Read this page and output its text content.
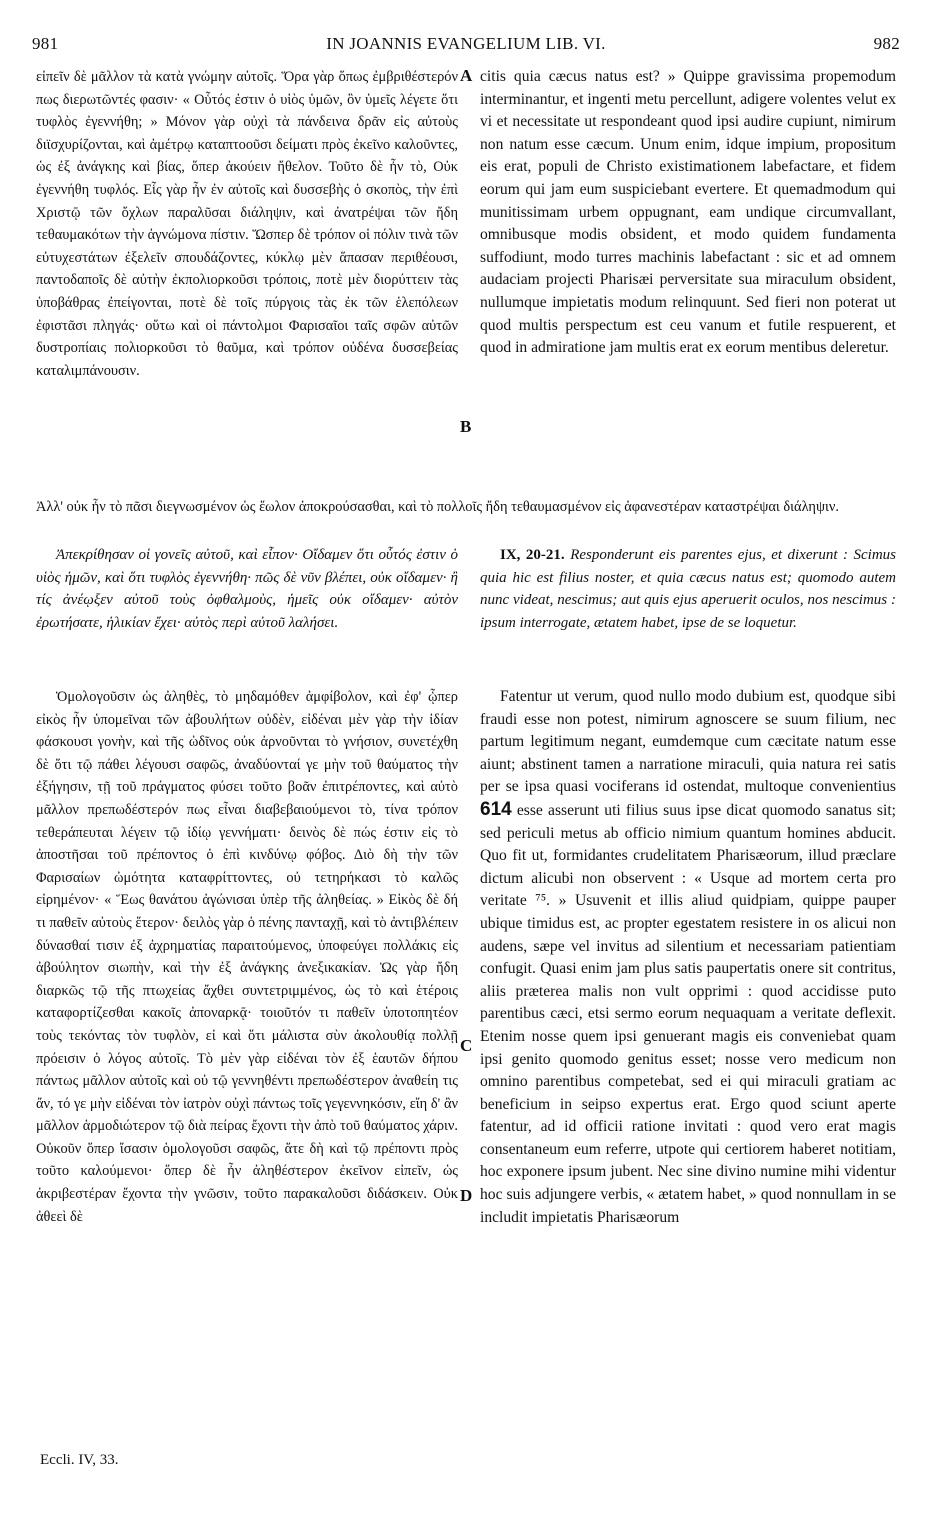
981	IN JOANNIS EVANGELIUM LIB. VI.	982

εἰπεῖν δὲ μᾶλλον τὰ κατὰ γνώμην αὐτοῖς. Ὅρα γὰρ ὅπως ἐμβριθέστερόν πως διερωτῶντές φασιν· « Οὗτός ἐστιν ὁ υἱὸς ὑμῶν, ὃν ὑμεῖς λέγετε ὅτι τυφλὸς ἐγεννήθη; » Μόνον γὰρ οὐχὶ τὰ πάνδεινα δρᾶν εἰς αὐτοὺς διϊσχυρίζονται, καὶ ἀμέτρῳ καταπτοοῦσι δείματι πρὸς ἐκεῖνο καλοῦντες, ὡς ἐξ ἀνάγκης καὶ βίας, ὅπερ ἀκούειν ἤθελον. Τοῦτο δὲ ἦν τὸ, Οὐκ ἐγεννήθη τυφλός. Εἷς γὰρ ἦν ἐν αὐτοῖς καὶ δυσσεβὴς ὁ σκοπὸς, τὴν ἐπὶ Χριστῷ τῶν ὄχλων παραλῦσαι διάληψιν, καὶ ἀνατρέψαι τῶν ἤδη τεθαυμακότων τὴν ἀγνώμονα πίστιν. Ὥσπερ δὲ τρόπον οἱ πόλιν τινὰ τῶν εὐτυχεστάτων ἐξελεῖν σπουδάζοντες, κύκλῳ μὲν ἅπασαν περιθέουσι, παντοδαποῖς δὲ αὐτὴν ἐκπολιορκοῦσι τρόποις, ποτὲ μὲν διορύττειν τὰς ὑποβάθρας ἐπείγονται, ποτὲ δὲ τοῖς πύργοις τὰς ἐκ τῶν ἑλεπόλεων ἐφιστᾶσι πληγάς· οὕτω καὶ οἱ πάντολμοι Φαρισαῖοι ταῖς σφῶν αὐτῶν δυστροπίαις πολιορκοῦσι τὸ θαῦμα, καὶ τρόπον οὐδένα δυσσεβείας καταλιμπάνουσιν.

citis quia cæcus natus est? » Quippe gravissima propemodum interminantur, et ingenti metu percellunt, adigere volentes velut ex vi et necessitate ut respondeant quod ipsi audire cupiunt, nimirum non natum esse cæcum. Unum enim, idque impium, propositum eis erat, populi de Christo existimationem labefactare, et fidem eorum qui jam eum suspiciebant evertere. Et quemadmodum qui munitissimam urbem oppugnant, eam undique circumvallant, omnibusque modis obsident, et modo quidem fundamenta suffodiunt, modo turres machinis labefactant : sic et ad omnem audaciam projecti Pharisæi perversitate sua miraculum obsident, nullumque impietatis modum relinquunt. Sed fieri non poterat ut quod multis perspectum est ceu vanum et futile respuerent, et quod in admiratione jam multis erat ex eorum mentibus deleretur.

A
B
C
D
Ἀλλ' οὐκ ἦν τὸ πᾶσι διεγνωσμένον ὡς ἕωλον ἀποκρούσασθαι, καὶ τὸ πολλοῖς ἤδη τεθαυμασμένον εἰς ἀφανεστέραν καταστρέψαι διάληψιν.

Ἀπεκρίθησαν οἱ γονεῖς αὐτοῦ, καὶ εἶπον· Οἴδαμεν ὅτι οὗτός ἐστιν ὁ υἱὸς ἡμῶν, καὶ ὅτι τυφλὸς ἐγεννήθη· πῶς δὲ νῦν βλέπει, οὐκ οἴδαμεν· ἢ τίς ἀνέῳξεν αὐτοῦ τοὺς ὀφθαλμοὺς, ἡμεῖς οὐκ οἴδαμεν· αὐτὸν ἐρωτήσατε, ἡλικίαν ἔχει· αὐτὸς περὶ αὐτοῦ λαλήσει.

IX, 20-21. Responderunt eis parentes ejus, et dixerunt : Scimus quia hic est filius noster, et quia cæcus natus est; quomodo autem nunc videat, nescimus; aut quis ejus aperuerit oculos, nos nescimus : ipsum interrogate, ætatem habet, ipse de se loquetur.

Ὁμολογοῦσιν ὡς ἀληθὲς, τὸ μηδαμόθεν ἀμφίβολον, καὶ ἐφ' ᾧπερ εἰκὸς ἦν ὑπομεῖναι τῶν ἀβουλήτων οὐδὲν, εἰδέναι μὲν γὰρ τὴν ἰδίαν φάσκουσι γονὴν, καὶ τῆς ὠδῖνος οὐκ ἀρνοῦνται τὸ γνήσιον, συνετέχθη δὲ ὅτι τῷ πάθει λέγουσι σαφῶς, ἀναδύονταί γε μὴν τοῦ θαύματος τὴν ἐξήγησιν, τῇ τοῦ πράγματος φύσει τοῦτο βοᾶν ἐπιτρέποντες, καὶ αὐτὸ μᾶλλον πρεπωδέστερόν πως εἶναι διαβεβαιούμενοι τὸ, τίνα τρόπον τεθεράπευται λέγειν τῷ ἰδίῳ γεννήματι· δεινὸς δὲ πώς ἐστιν εἰς τὸ ἀποστῆσαι τοῦ πρέποντος ὁ ἐπὶ κινδύνῳ φόβος. Διὸ δὴ τὴν τῶν Φαρισαίων ὠμότητα καταφρίττοντες, οὐ τετηρήκασι τὸ καλῶς εἰρημένον· « Ἕως θανάτου ἀγώνισαι ὑπὲρ τῆς ἀληθείας. » Εἰκὸς δὲ δή τι παθεῖν αὐτοὺς ἕτερον· δειλὸς γὰρ ὁ πένης πανταχῇ, καὶ τὸ ἀντιβλέπειν δύνασθαί τισιν ἐξ ἀχρηματίας παραιτούμενος, ὑποφεύγει πολλάκις εἰς ἀβούλητον σιωπὴν, καὶ τὴν ἐξ ἀνάγκης ἀνεξικακίαν. Ὡς γὰρ ἤδη διαρκῶς τῷ τῆς πτωχείας ἄχθει συντετριμμένος, ὡς τὸ καὶ ἑτέροις καταφορτίζεσθαι κακοῖς ἀποναρκᾷ· τοιοῦτόν τι παθεῖν ὑποτοπητέον τοὺς τεκόντας τὸν τυφλὸν, εἰ καὶ ὅτι μάλιστα σὺν ἀκολουθίᾳ πολλῇ πρόεισιν ὁ λόγος αὐτοῖς. Τὸ μὲν γὰρ εἰδέναι τὸν ἐξ ἑαυτῶν δήπου πάντως μᾶλλον αὐτοῖς καὶ οὐ τῷ γεννηθέντι πρεπωδέστερον ἀναθείη τις ἄν, τό γε μὴν εἰδέναι τὸν ἰατρὸν οὐχὶ πάντως τοῖς γεγεννηκόσιν, εἴη δ' ἂν μᾶλλον ἁρμοδιώτερον τῷ διὰ πείρας ἔχοντι τὴν ἀπὸ τοῦ θαύματος χάριν. Οὐκοῦν ὅπερ ἴσασιν ὁμολογοῦσι σαφῶς, ἅτε δὴ καὶ τῷ πρέποντι πρὸς τοῦτο καλούμενοι· ὅπερ δὲ ἦν ἀληθέστερον ἐκεῖνον εἰπεῖν, ὡς ἀκριβεστέραν ἔχοντα τὴν γνῶσιν, τοῦτο παρακαλοῦσι διδάσκειν. Οὐκ ἀθεεὶ δὲ

Fatentur ut verum, quod nullo modo dubium est, quodque sibi fraudi esse non potest, nimirum agnoscere se suum filium, nec partum legitimum negant, eumdemque cum cæcitate natum esse aiunt; abstinent tamen a narratione miraculi, quia natura rei satis per se ipsa quasi vociferans id ostendat, multoque convenientius 614 esse asserunt uti filius suus ipse dicat quomodo sanatus sit; sed periculi metus ab officio nimium quantum homines abducit. Quo fit ut, formidantes crudelitatem Pharisæorum, illud præclare dictum alicubi non observent : « Usque ad mortem certa pro veritate ⁷⁵. » Usuvenit et illis aliud quidpiam, quippe pauper ubique timidus est, ac propter egestatem resistere in os alicui non audens, sæpe vel invitus ad silentium et necessariam patientiam confugit. Quasi enim jam plus satis paupertatis onere sit contritus, aliis præterea malis non vult opprimi : quod accidisse puto parentibus cæci, etsi sermo eorum nequaquam a veritate deflexit. Etenim nosse quem ipsi genuerant magis eis conveniebat quam ipsi genito quomodo genitus esset; nosse vero medicum non omnino parentibus competebat, sed ei qui miraculi gratiam ac beneficium in seipso expertus erat. Ergo quod sciunt aperte fatentur, ad id officii ratione invitati : quod vero erat magis consentaneum eum referre, utpote qui certiorem haberet notitiam, hoc exponere ipsum jubent. Nec sine divino numine mihi videntur hoc suis adjungere verbis, « ætatem habet, » quod nonnullam in se includit impietatis Pharisæorum

Eccli. IV, 33.
